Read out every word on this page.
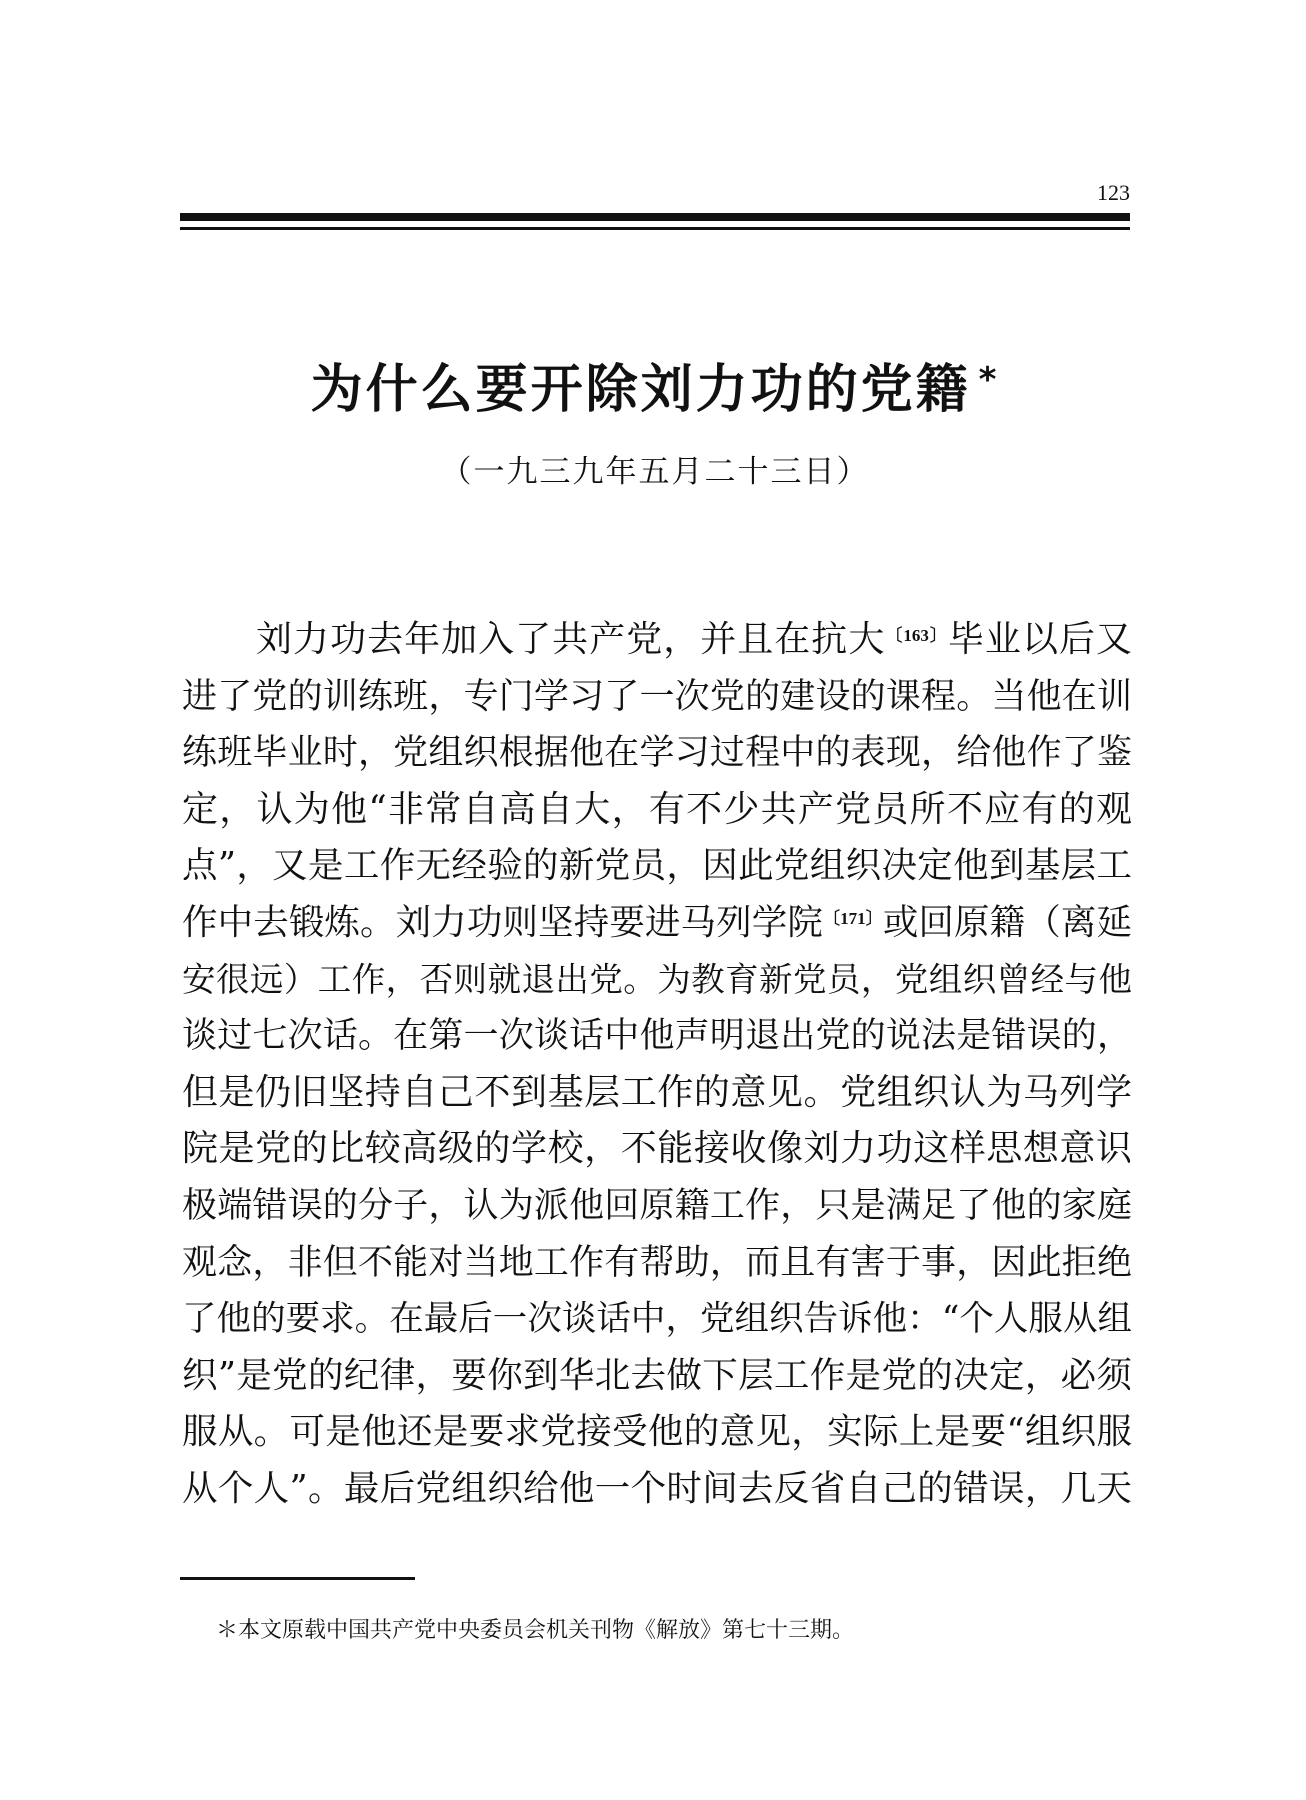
123
为什么要开除刘力功的党籍 *
（一九三九年五月二十三日）
　　刘力功去年加入了共产党，并且在抗大$^{〔163〕}$毕业以后又
进了党的训练班，专门学习了一次党的建设的课程。当他在训
练班毕业时，党组织根据他在学习过程中的表现，给他作了鉴
定，认为他“非常自高自大，有不少共产党员所不应有的观
点”，又是工作无经验的新党员，因此党组织决定他到基层工
作中去锻炼。刘力功则坚持要进马列学院$^{〔171〕}$或回原籍（离延
安很远）工作，否则就退出党。为教育新党员，党组织曾经与他
谈过七次话。在第一次谈话中他声明退出党的说法是错误的，
但是仍旧坚持自己不到基层工作的意见。党组织认为马列学
院是党的比较高级的学校，不能接收像刘力功这样思想意识
极端错误的分子，认为派他回原籍工作，只是满足了他的家庭
观念，非但不能对当地工作有帮助，而且有害于事，因此拒绝
了他的要求。在最后一次谈话中，党组织告诉他：“个人服从组
织”是党的纪律，要你到华北去做下层工作是党的决定，必须
服从。可是他还是要求党接受他的意见，实际上是要“组织服
从个人”。最后党组织给他一个时间去反省自己的错误，几天
＊本文原载中国共产党中央委员会机关刊物《解放》第七十三期。
